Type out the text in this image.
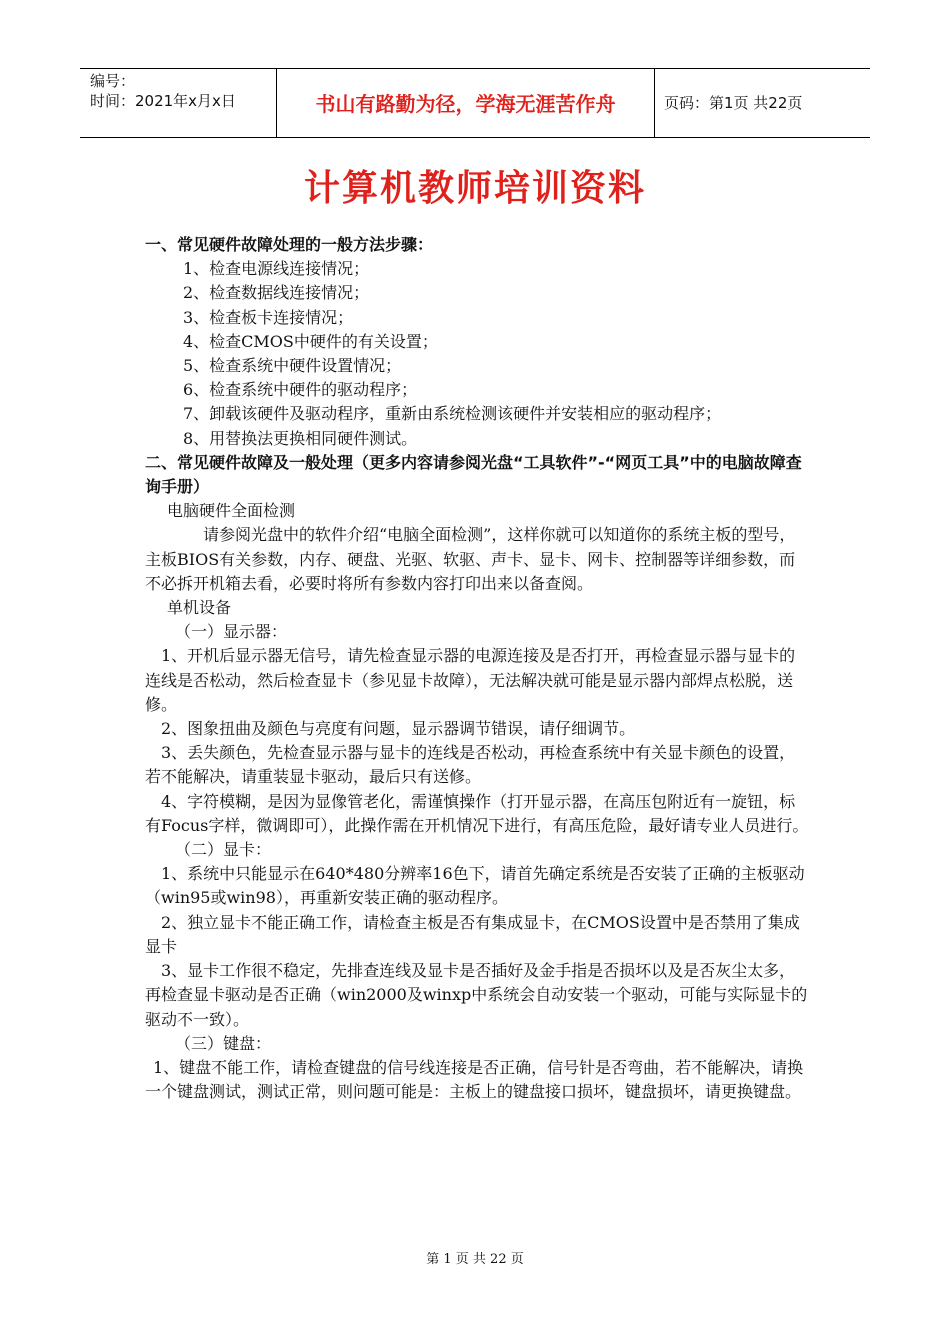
编号：
时间：2021年x月x日	书山有路勤为径，学海无涯苦作舟	页码：第1页 共22页
计算机教师培训资料

一、常见硬件故障处理的一般方法步骤：

1、检查电源线连接情况；

2、检查数据线连接情况；

3、检查板卡连接情况；

4、检查CMOS中硬件的有关设置；

5、检查系统中硬件设置情况；

6、检查系统中硬件的驱动程序；

7、卸载该硬件及驱动程序，重新由系统检测该硬件并安装相应的驱动程序；

8、用替换法更换相同硬件测试。

二、常见硬件故障及一般处理（更多内容请参阅光盘“工具软件”-“网页工具”中的电脑故障查询手册）

电脑硬件全面检测

请参阅光盘中的软件介绍“电脑全面检测”，这样你就可以知道你的系统主板的型号，主板BIOS有关参数，内存、硬盘、光驱、软驱、声卡、显卡、网卡、控制器等详细参数，而不必拆开机箱去看，必要时将所有参数内容打印出来以备查阅。

单机设备

（一）显示器：

1、开机后显示器无信号，请先检查显示器的电源连接及是否打开，再检查显示器与显卡的连线是否松动，然后检查显卡（参见显卡故障），无法解决就可能是显示器内部焊点松脱，送修。

2、图象扭曲及颜色与亮度有问题，显示器调节错误，请仔细调节。

3、丢失颜色，先检查显示器与显卡的连线是否松动，再检查系统中有关显卡颜色的设置，若不能解决，请重装显卡驱动，最后只有送修。

4、字符模糊，是因为显像管老化，需谨慎操作（打开显示器，在高压包附近有一旋钮，标有Focus字样，微调即可），此操作需在开机情况下进行，有高压危险，最好请专业人员进行。

（二）显卡：

1、系统中只能显示在640*480分辨率16色下，请首先确定系统是否安装了正确的主板驱动（win95或win98），再重新安装正确的驱动程序。

2、独立显卡不能正确工作，请检查主板是否有集成显卡，在CMOS设置中是否禁用了集成显卡

3、显卡工作很不稳定，先排查连线及显卡是否插好及金手指是否损坏以及是否灰尘太多，再检查显卡驱动是否正确（win2000及winxp中系统会自动安装一个驱动，可能与实际显卡的驱动不一致）。

（三）键盘：

1、键盘不能工作，请检查键盘的信号线连接是否正确，信号针是否弯曲，若不能解决，请换一个键盘测试，测试正常，则问题可能是：主板上的键盘接口损坏，键盘损坏，请更换键盘。

第 1 页 共 22 页
